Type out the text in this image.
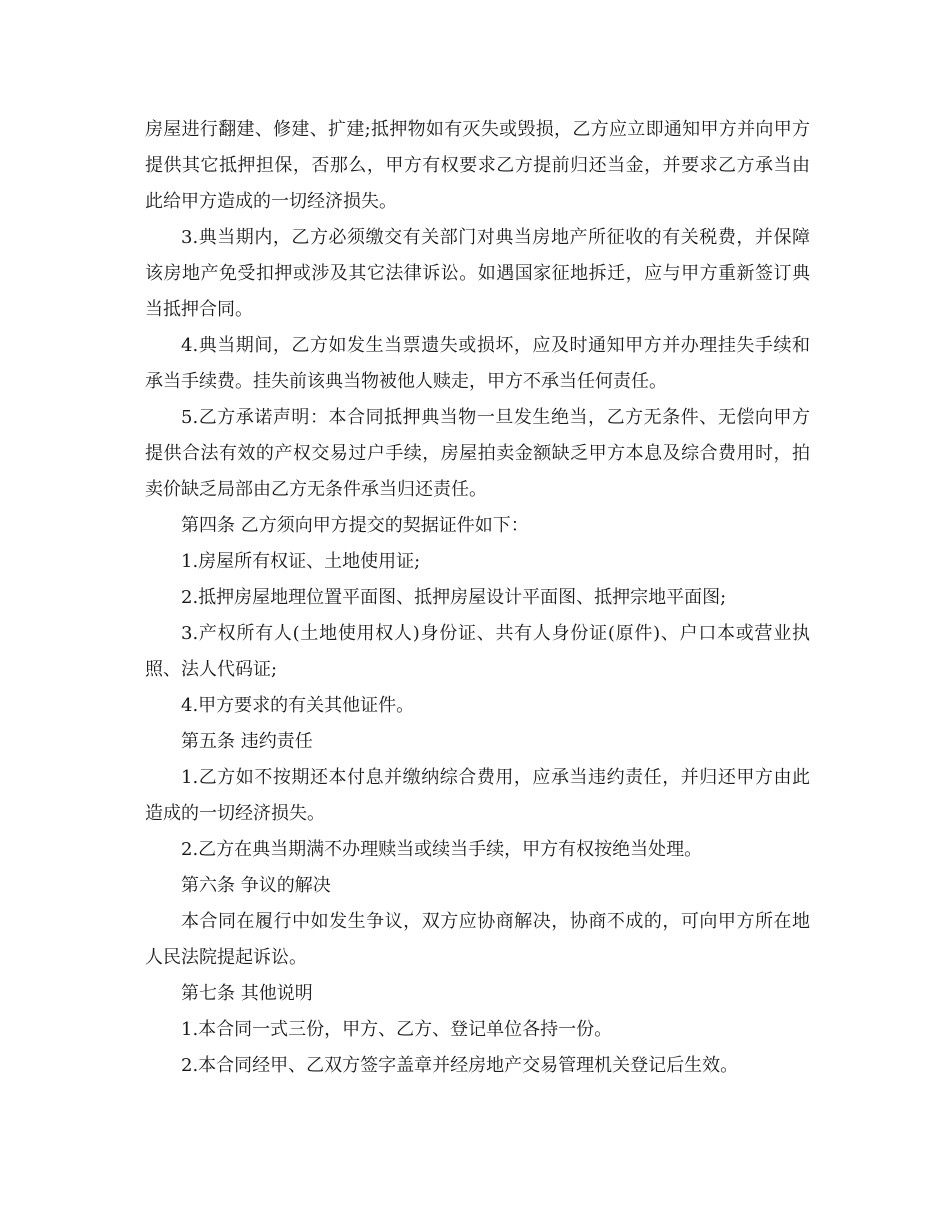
房屋进行翻建、修建、扩建;抵押物如有灭失或毁损，乙方应立即通知甲方并向甲方提供其它抵押担保，否那么，甲方有权要求乙方提前归还当金，并要求乙方承当由此给甲方造成的一切经济损失。

3.典当期内，乙方必须缴交有关部门对典当房地产所征收的有关税费，并保障该房地产免受扣押或涉及其它法律诉讼。如遇国家征地拆迁，应与甲方重新签订典当抵押合同。

4.典当期间，乙方如发生当票遗失或损坏，应及时通知甲方并办理挂失手续和承当手续费。挂失前该典当物被他人赎走，甲方不承当任何责任。

5.乙方承诺声明：本合同抵押典当物一旦发生绝当，乙方无条件、无偿向甲方提供合法有效的产权交易过户手续，房屋拍卖金额缺乏甲方本息及综合费用时，拍卖价缺乏局部由乙方无条件承当归还责任。

第四条 乙方须向甲方提交的契据证件如下：

1.房屋所有权证、土地使用证;

2.抵押房屋地理位置平面图、抵押房屋设计平面图、抵押宗地平面图;

3.产权所有人(土地使用权人)身份证、共有人身份证(原件)、户口本或营业执照、法人代码证;

4.甲方要求的有关其他证件。

第五条 违约责任

1.乙方如不按期还本付息并缴纳综合费用，应承当违约责任，并归还甲方由此造成的一切经济损失。

2.乙方在典当期满不办理赎当或续当手续，甲方有权按绝当处理。

第六条 争议的解决

本合同在履行中如发生争议，双方应协商解决，协商不成的，可向甲方所在地人民法院提起诉讼。

第七条 其他说明

1.本合同一式三份，甲方、乙方、登记单位各持一份。

2.本合同经甲、乙双方签字盖章并经房地产交易管理机关登记后生效。
